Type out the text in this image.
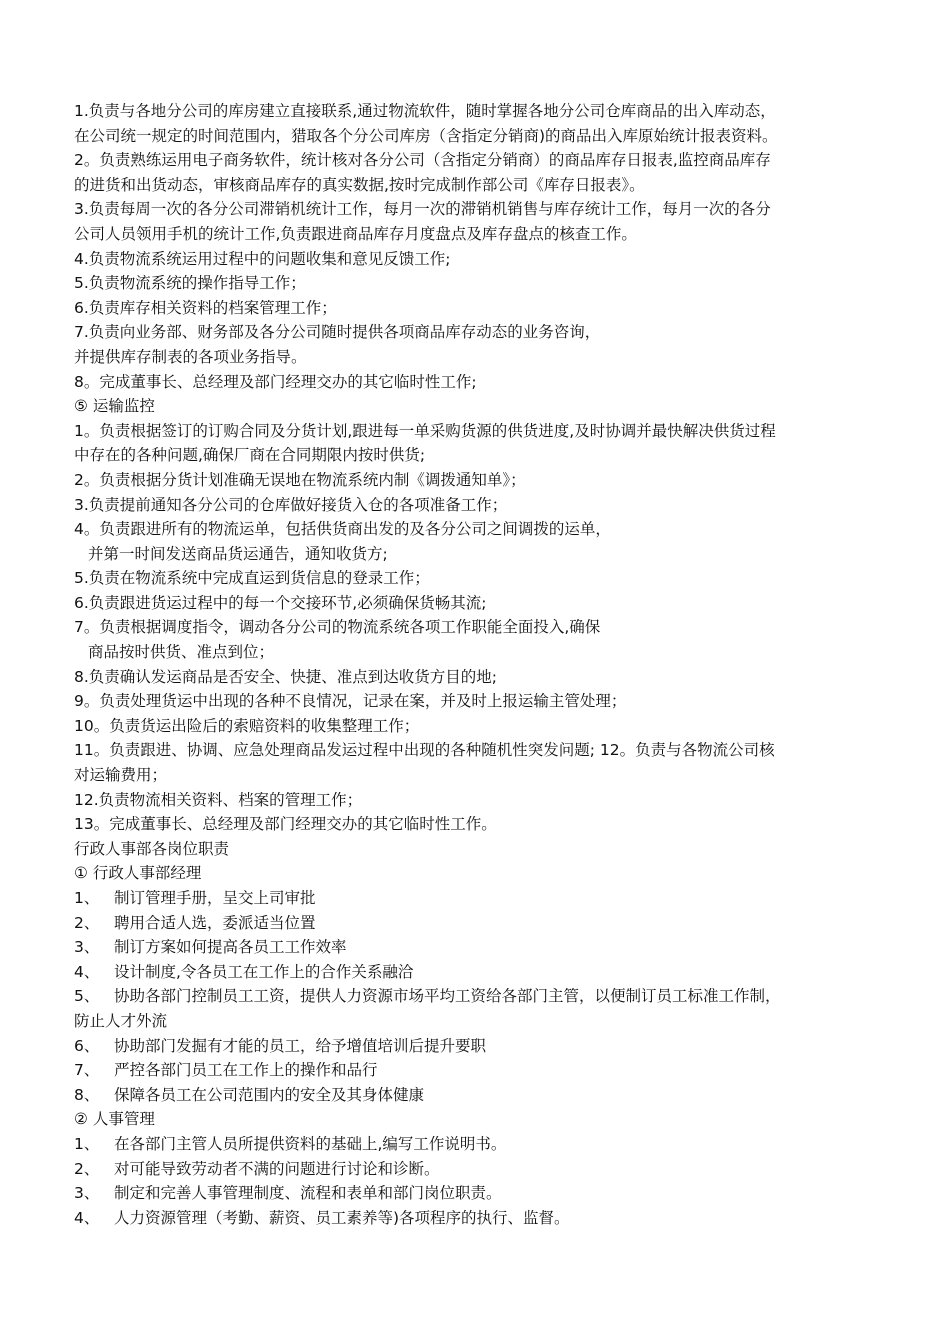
1.负责与各地分公司的库房建立直接联系,通过物流软件，随时掌握各地分公司仓库商品的出入库动态，
在公司统一规定的时间范围内，猎取各个分公司库房（含指定分销商)的商品出入库原始统计报表资料。
2。负责熟练运用电子商务软件，统计核对各分公司（含指定分销商）的商品库存日报表,监控商品库存
的进货和出货动态，审核商品库存的真实数据,按时完成制作部公司《库存日报表》。
3.负责每周一次的各分公司滞销机统计工作，每月一次的滞销机销售与库存统计工作，每月一次的各分
公司人员领用手机的统计工作,负责跟进商品库存月度盘点及库存盘点的核查工作。
4.负责物流系统运用过程中的问题收集和意见反馈工作;
5.负责物流系统的操作指导工作；
6.负责库存相关资料的档案管理工作；
7.负责向业务部、财务部及各分公司随时提供各项商品库存动态的业务咨询，
并提供库存制表的各项业务指导。
8。完成董事长、总经理及部门经理交办的其它临时性工作;
⑤ 运输监控
1。负责根据签订的订购合同及分货计划,跟进每一单采购货源的供货进度,及时协调并最快解决供货过程
中存在的各种问题,确保厂商在合同期限内按时供货;
2。负责根据分货计划准确无误地在物流系统内制《调拨通知单》；
3.负责提前通知各分公司的仓库做好接货入仓的各项准备工作；
4。负责跟进所有的物流运单，包括供货商出发的及各分公司之间调拨的运单，
并第一时间发送商品货运通告，通知收货方;
5.负责在物流系统中完成直运到货信息的登录工作；
6.负责跟进货运过程中的每一个交接环节,必须确保货畅其流;
7。负责根据调度指令，调动各分公司的物流系统各项工作职能全面投入,确保
商品按时供货、准点到位；
8.负责确认发运商品是否安全、快捷、准点到达收货方目的地;
9。负责处理货运中出现的各种不良情况，记录在案，并及时上报运输主管处理；
10。负责货运出险后的索赔资料的收集整理工作；
11。负责跟进、协调、应急处理商品发运过程中出现的各种随机性突发问题; 12。负责与各物流公司核
对运输费用；
12.负责物流相关资料、档案的管理工作；
13。完成董事长、总经理及部门经理交办的其它临时性工作。
行政人事部各岗位职责
① 行政人事部经理
1、 制订管理手册，呈交上司审批
2、 聘用合适人选，委派适当位置
3、 制订方案如何提高各员工工作效率
4、 设计制度,令各员工在工作上的合作关系融洽
5、 协助各部门控制员工工资，提供人力资源市场平均工资给各部门主管，以便制订员工标准工作制，
防止人才外流
6、 协助部门发掘有才能的员工，给予增值培训后提升要职
7、 严控各部门员工在工作上的操作和品行
8、 保障各员工在公司范围内的安全及其身体健康
② 人事管理
1、 在各部门主管人员所提供资料的基础上,编写工作说明书。
2、 对可能导致劳动者不满的问题进行讨论和诊断。
3、 制定和完善人事管理制度、流程和表单和部门岗位职责。
4、 人力资源管理（考勤、薪资、员工素养等)各项程序的执行、监督。
